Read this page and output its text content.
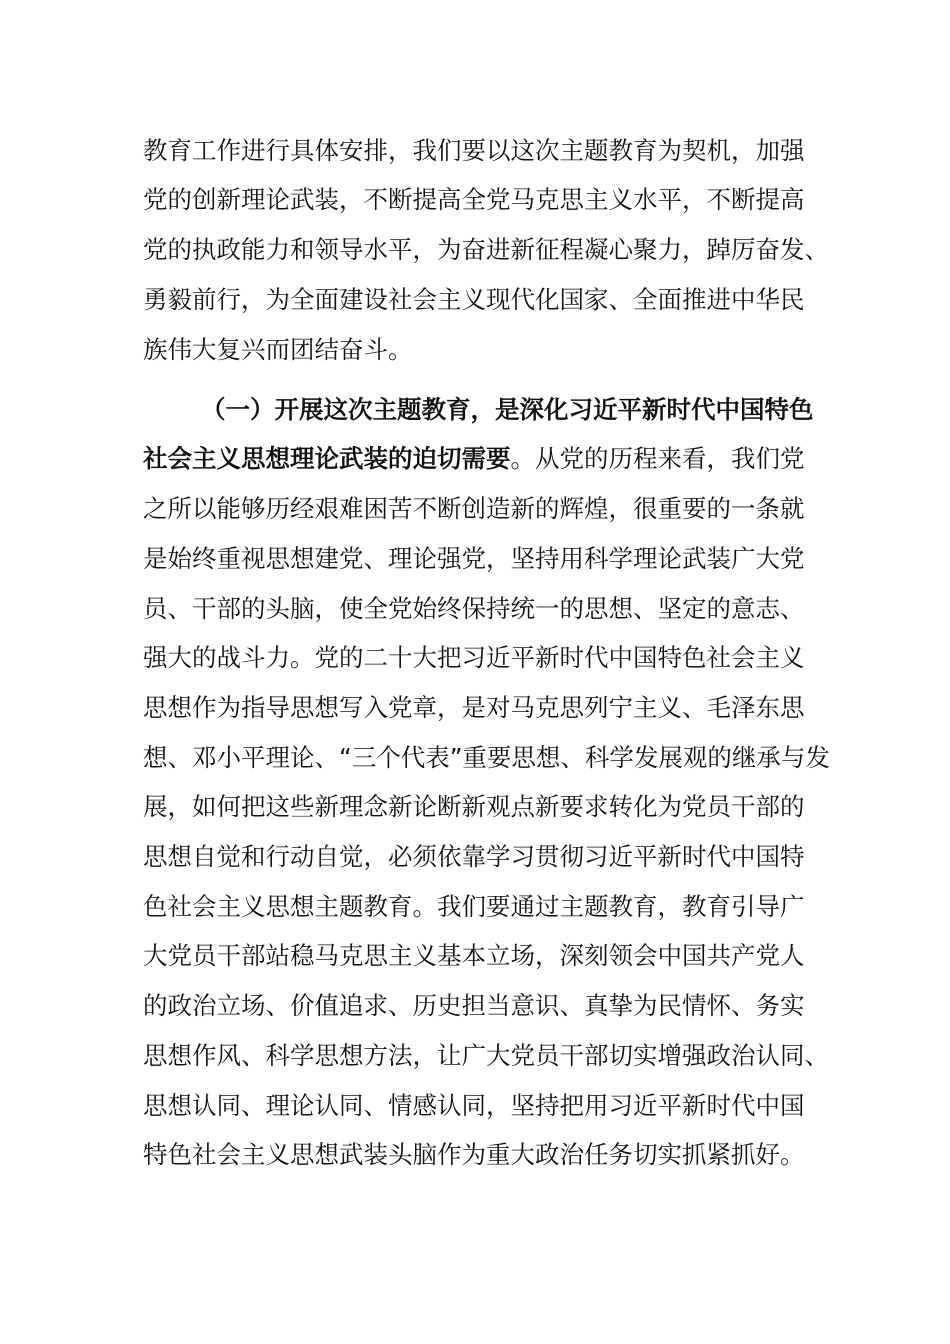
教育工作进行具体安排，我们要以这次主题教育为契机，加强
党的创新理论武装，不断提高全党马克思主义水平，不断提高
党的执政能力和领导水平，为奋进新征程凝心聚力，踔厉奋发、
勇毅前行，为全面建设社会主义现代化国家、全面推进中华民
族伟大复兴而团结奋斗。
（一）开展这次主题教育，是深化习近平新时代中国特色
社会主义思想理论武装的迫切需要。从党的历程来看，我们党
之所以能够历经艰难困苦不断创造新的辉煌，很重要的一条就
是始终重视思想建党、理论强党，坚持用科学理论武装广大党
员、干部的头脑，使全党始终保持统一的思想、坚定的意志、
强大的战斗力。党的二十大把习近平新时代中国特色社会主义
思想作为指导思想写入党章，是对马克思列宁主义、毛泽东思
想、邓小平理论、“三个代表”重要思想、科学发展观的继承与发
展，如何把这些新理念新论断新观点新要求转化为党员干部的
思想自觉和行动自觉，必须依靠学习贯彻习近平新时代中国特
色社会主义思想主题教育。我们要通过主题教育，教育引导广
大党员干部站稳马克思主义基本立场，深刻领会中国共产党人
的政治立场、价值追求、历史担当意识、真挚为民情怀、务实
思想作风、科学思想方法，让广大党员干部切实增强政治认同、
思想认同、理论认同、情感认同，坚持把用习近平新时代中国
特色社会主义思想武装头脑作为重大政治任务切实抓紧抓好。
